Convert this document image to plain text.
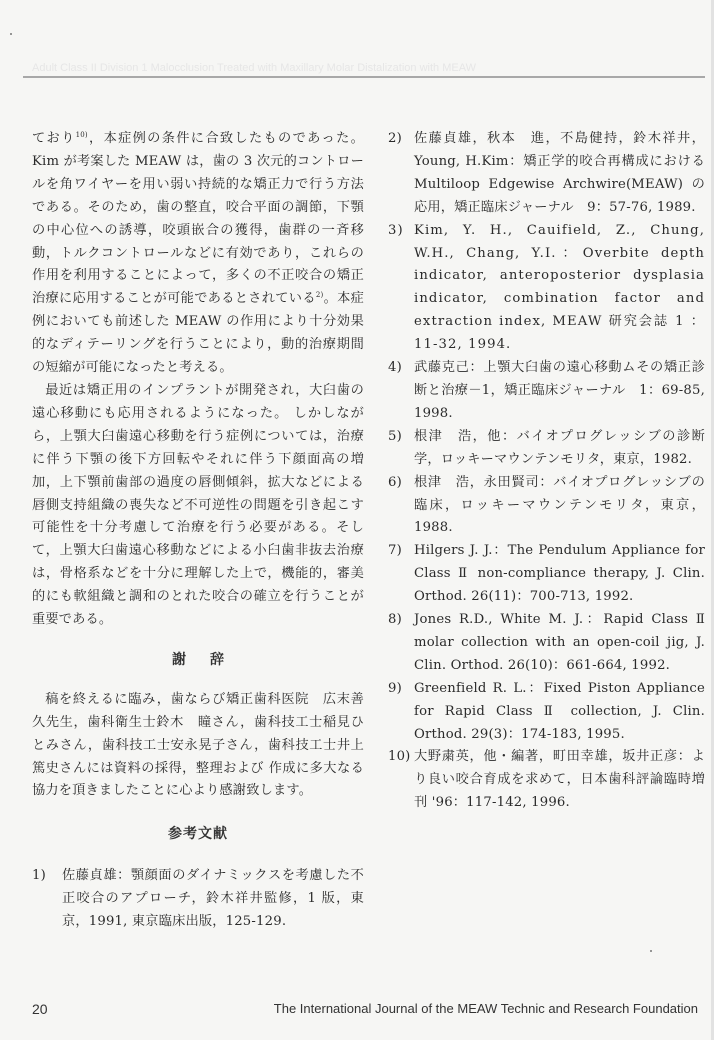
Adult Class II Division 1 Malocclusion Treated with Maxillary Molar Distalization with MEAW

ており$^{10)}$，本症例の条件に合致したものであった。Kim が考案した MEAW は，歯の 3 次元的コントロールを角ワイヤーを用い弱い持続的な矯正力で行う方法である。そのため，歯の整直，咬合平面の調節，下顎の中心位への誘導，咬頭嵌合の獲得，歯群の一斉移動，トルクコントロールなどに有効であり，これらの作用を利用することによって，多くの不正咬合の矯正治療に応用することが可能であるとされている$^{2)}$。本症例においても前述した MEAW の作用により十分効果的なディテーリングを行うことにより，動的治療期間の短縮が可能になったと考える。

最近は矯正用のインプラントが開発され，大臼歯の遠心移動にも応用されるようになった。 しかしながら，上顎大臼歯遠心移動を行う症例については，治療に伴う下顎の後下方回転やそれに伴う下顔面高の増加，上下顎前歯部の過度の唇側傾斜，拡大などによる唇側支持組織の喪失など不可逆性の問題を引き起こす可能性を十分考慮して治療を行う必要がある。そして，上顎大臼歯遠心移動などによる小臼歯非抜去治療は，骨格系などを十分に理解した上で，機能的，審美的にも軟組織と調和のとれた咬合の確立を行うことが重要である。

謝辞

稿を終えるに臨み，歯ならび矯正歯科医院　広末善久先生，歯科衛生士鈴木　瞳さん，歯科技工士稲見ひとみさん，歯科技工士安永晃子さん，歯科技工士井上篤史さんには資料の採得，整理および 作成に多大なる協力を頂きましたことに心より感謝致します。

参考文献

1) 佐藤貞雄：顎顔面のダイナミックスを考慮した不正咬合のアプローチ，鈴木祥井監修，1 版，東京，1991, 東京臨床出版，125-129.

2) 佐藤貞雄，秋本　進，不島健持，鈴木祥井，Young, H.Kim：矯正学的咬合再構成における Multiloop Edgewise Archwire(MEAW) の応用，矯正臨床ジャーナル　9：57-76, 1989.

3) Kim, Y. H., Cauifield, Z., Chung, W.H., Chang, Y.I.：Overbite depth indicator, anteroposterior dysplasia indicator, combination factor and extraction index, MEAW 研究会誌 1 ：11-32, 1994.

4) 武藤克己：上顎大臼歯の遠心移動ムその矯正診断と治療－1，矯正臨床ジャーナル　1：69-85, 1998.

5) 根津　浩，他：バイオプログレッシブの診断学，ロッキーマウンテンモリタ，東京，1982.

6) 根津　浩，永田賢司：バイオプログレッシブの臨床，ロッキーマウンテンモリタ，東京，1988.

7) Hilgers J. J.：The Pendulum Appliance for Class Ⅱ non-compliance therapy, J. Clin. Orthod. 26(11)：700-713, 1992.

8) Jones R.D., White M. J.：Rapid Class Ⅱ molar collection with an open-coil jig, J. Clin. Orthod. 26(10)：661-664, 1992.

9) Greenfield R. L.：Fixed Piston Appliance for Rapid Class Ⅱ collection, J. Clin. Orthod. 29(3)：174-183, 1995.

10) 大野粛英，他・編著，町田幸雄，坂井正彦：より良い咬合育成を求めて，日本歯科評論臨時増刊 '96：117-142, 1996.

20	The International Journal of the MEAW Technic and Research Foundation
